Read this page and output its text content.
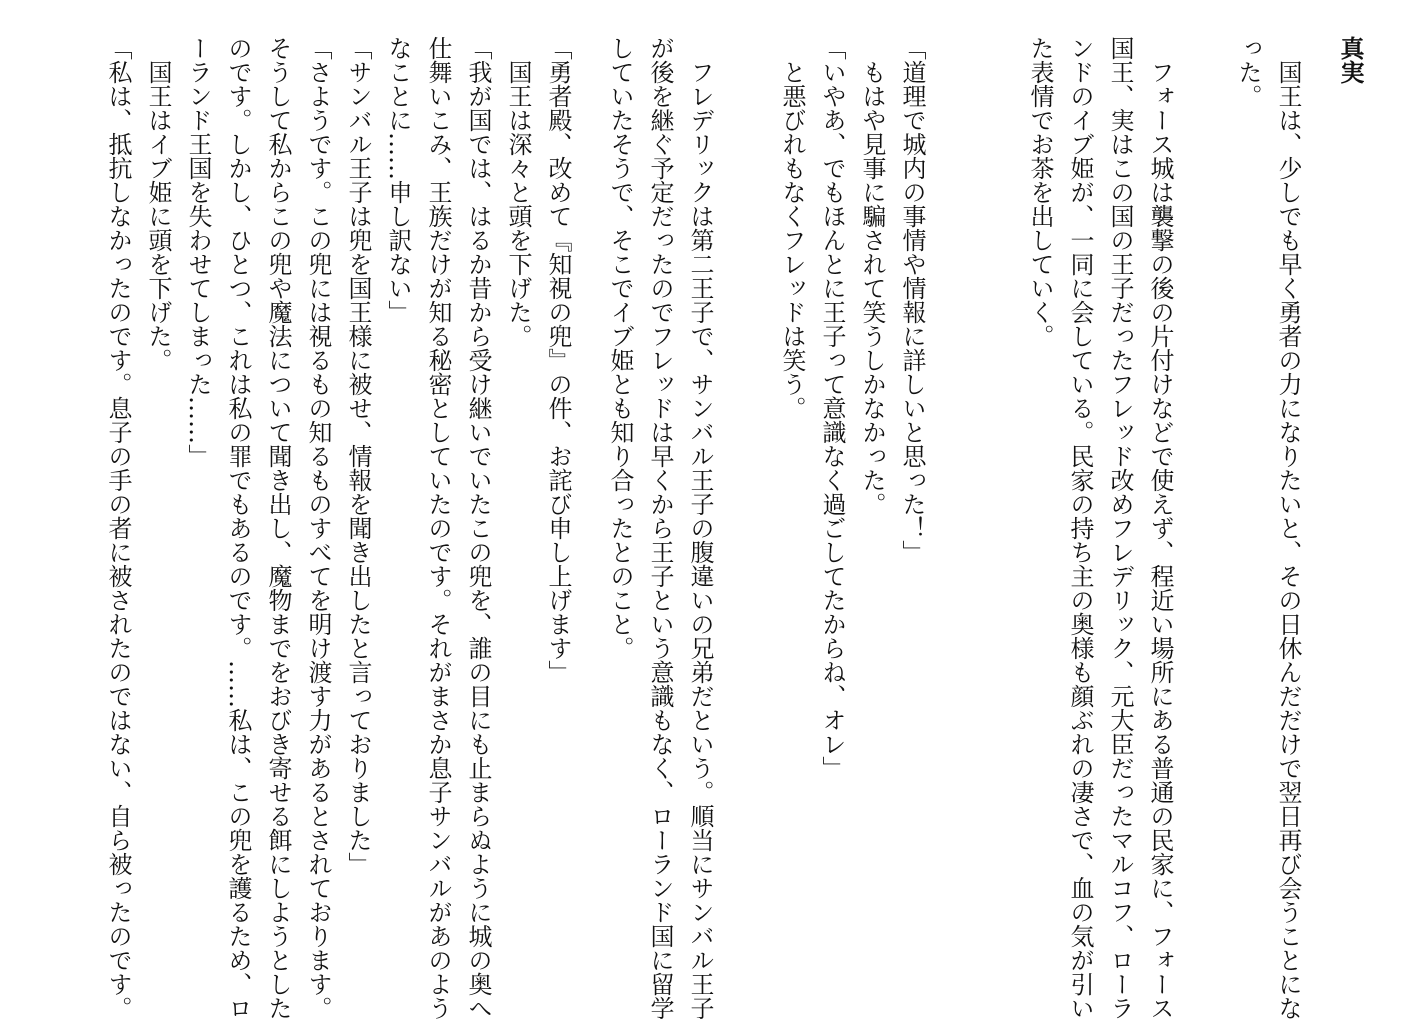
真実
　国王は、少しでも早く勇者の力になりたいと、その日休んだだけで翌日再び会うことにな
った。
　フォース城は襲撃の後の片付けなどで使えず、程近い場所にある普通の民家に、フォース
国王、実はこの国の王子だったフレッド改めフレデリック、元大臣だったマルコフ、ローラ
ンドのイブ姫が、一同に会している。民家の持ち主の奥様も顔ぶれの凄さで、血の気が引い
た表情でお茶を出していく。
「道理で城内の事情や情報に詳しいと思った！」
　もはや見事に騙されて笑うしかなかった。
「いやあ、でもほんとに王子って意識なく過ごしてたからね、オレ」
　と悪びれもなくフレッドは笑う。
　フレデリックは第二王子で、サンバル王子の腹違いの兄弟だという。順当にサンバル王子
が後を継ぐ予定だったのでフレッドは早くから王子という意識もなく、ローランド国に留学
していたそうで、そこでイブ姫とも知り合ったとのこと。
「勇者殿、改めて『知視の兜』の件、お詫び申し上げます」
　国王は深々と頭を下げた。
「我が国では、はるか昔から受け継いでいたこの兜を、誰の目にも止まらぬように城の奥へ
仕舞いこみ、王族だけが知る秘密としていたのです。それがまさか息子サンバルがあのよう
なことに……申し訳ない」
「サンバル王子は兜を国王様に被せ、情報を聞き出したと言っておりました」
「さようです。この兜には視るもの知るものすべてを明け渡す力があるとされております。
そうして私からこの兜や魔法について聞き出し、魔物までをおびき寄せる餌にしようとした
のです。しかし、ひとつ、これは私の罪でもあるのです。……私は、この兜を護るため、ロ
ーランド王国を失わせてしまった……」
　国王はイブ姫に頭を下げた。
「私は、抵抗しなかったのです。息子の手の者に被されたのではない、自ら被ったのです。
